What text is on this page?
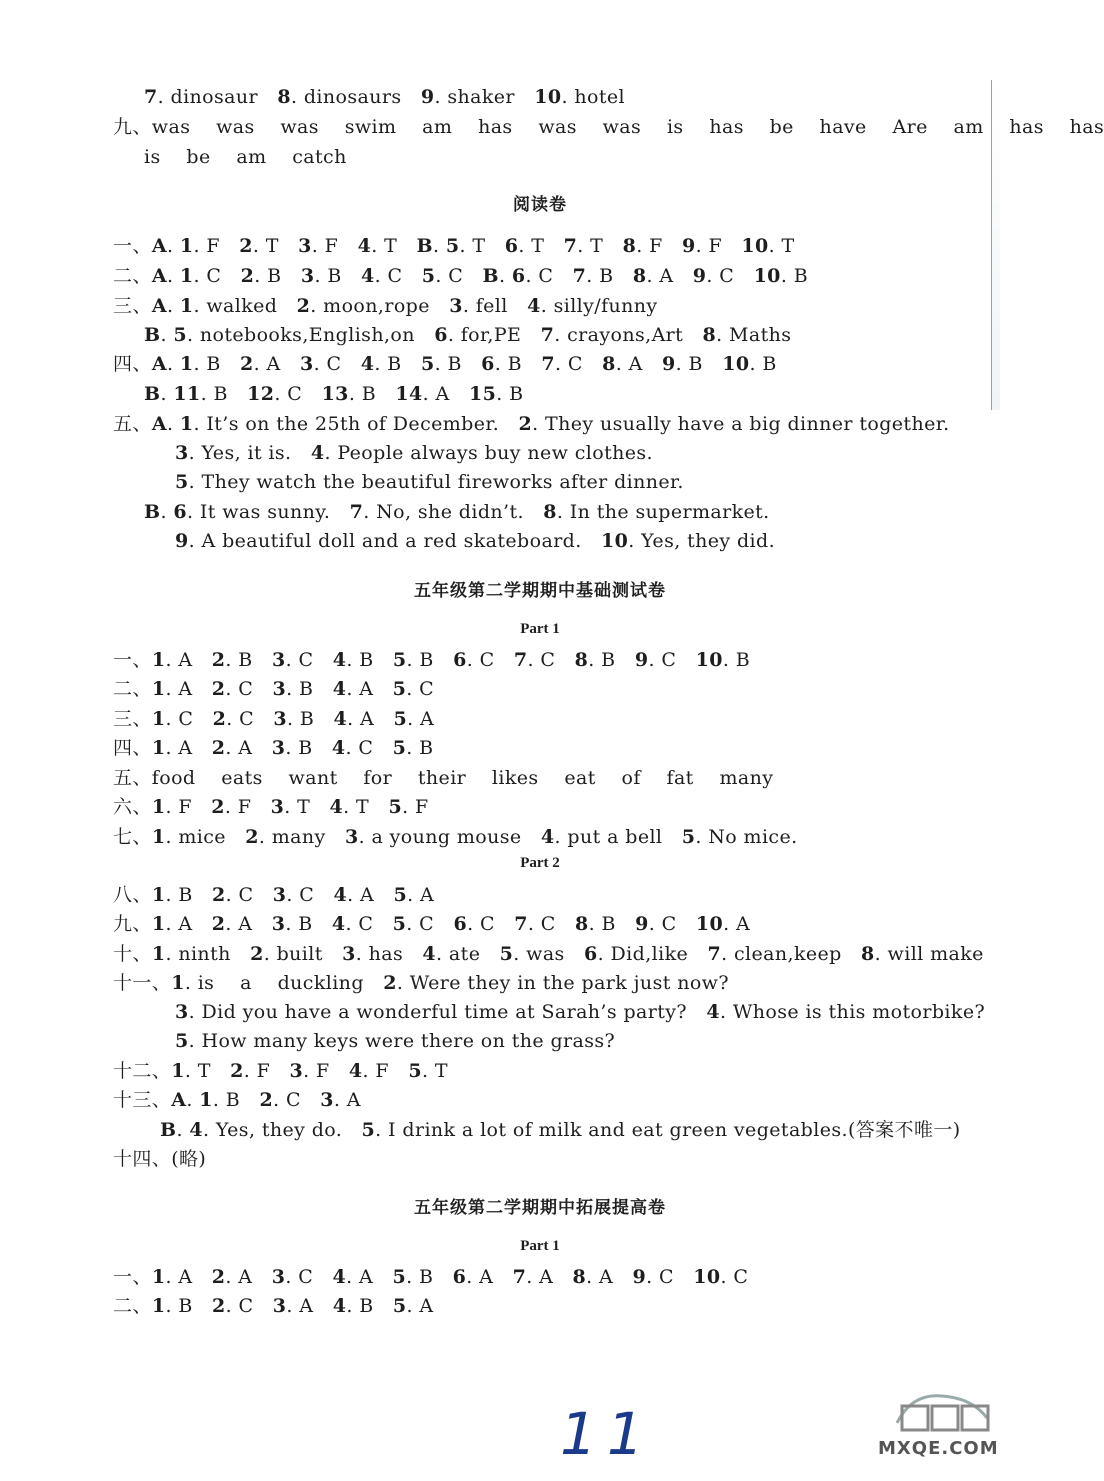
7. dinosaur   8. dinosaurs   9. shaker   10. hotel
九、was    was    was    swim    am    has    was    was    is    has    be    have    Are    am    has    has
is    be    am    catch
阅读卷
一、A. 1. F   2. T   3. F   4. T   B. 5. T   6. T   7. T   8. F   9. F   10. T
二、A. 1. C   2. B   3. B   4. C   5. C   B. 6. C   7. B   8. A   9. C   10. B
三、A. 1. walked   2. moon,rope   3. fell   4. silly/funny
B. 5. notebooks,English,on   6. for,PE   7. crayons,Art   8. Maths
四、A. 1. B   2. A   3. C   4. B   5. B   6. B   7. C   8. A   9. B   10. B
B. 11. B   12. C   13. B   14. A   15. B
五、A. 1. It’s on the 25th of December.   2. They usually have a big dinner together.
3. Yes, it is.   4. People always buy new clothes.
5. They watch the beautiful fireworks after dinner.
B. 6. It was sunny.   7. No, she didn’t.   8. In the supermarket.
9. A beautiful doll and a red skateboard.   10. Yes, they did.
五年级第二学期期中基础测试卷
Part 1
一、1. A   2. B   3. C   4. B   5. B   6. C   7. C   8. B   9. C   10. B
二、1. A   2. C   3. B   4. A   5. C
三、1. C   2. C   3. B   4. A   5. A
四、1. A   2. A   3. B   4. C   5. B
五、food    eats    want    for    their    likes    eat    of    fat    many
六、1. F   2. F   3. T   4. T   5. F
七、1. mice   2. many   3. a young mouse   4. put a bell   5. No mice.
Part 2
八、1. B   2. C   3. C   4. A   5. A
九、1. A   2. A   3. B   4. C   5. C   6. C   7. C   8. B   9. C   10. A
十、1. ninth   2. built   3. has   4. ate   5. was   6. Did,like   7. clean,keep   8. will make
十一、1. is    a    duckling   2. Were they in the park just now?
3. Did you have a wonderful time at Sarah’s party?   4. Whose is this motorbike?
5. How many keys were there on the grass?
十二、1. T   2. F   3. F   4. F   5. T
十三、A. 1. B   2. C   3. A
B. 4. Yes, they do.   5. I drink a lot of milk and eat green vegetables.(答案不唯一)
十四、(略)
五年级第二学期期中拓展提高卷
Part 1
一、1. A   2. A   3. C   4. A   5. B   6. A   7. A   8. A   9. C   10. C
二、1. B   2. C   3. A   4. B   5. A
11	MXQE.COM
